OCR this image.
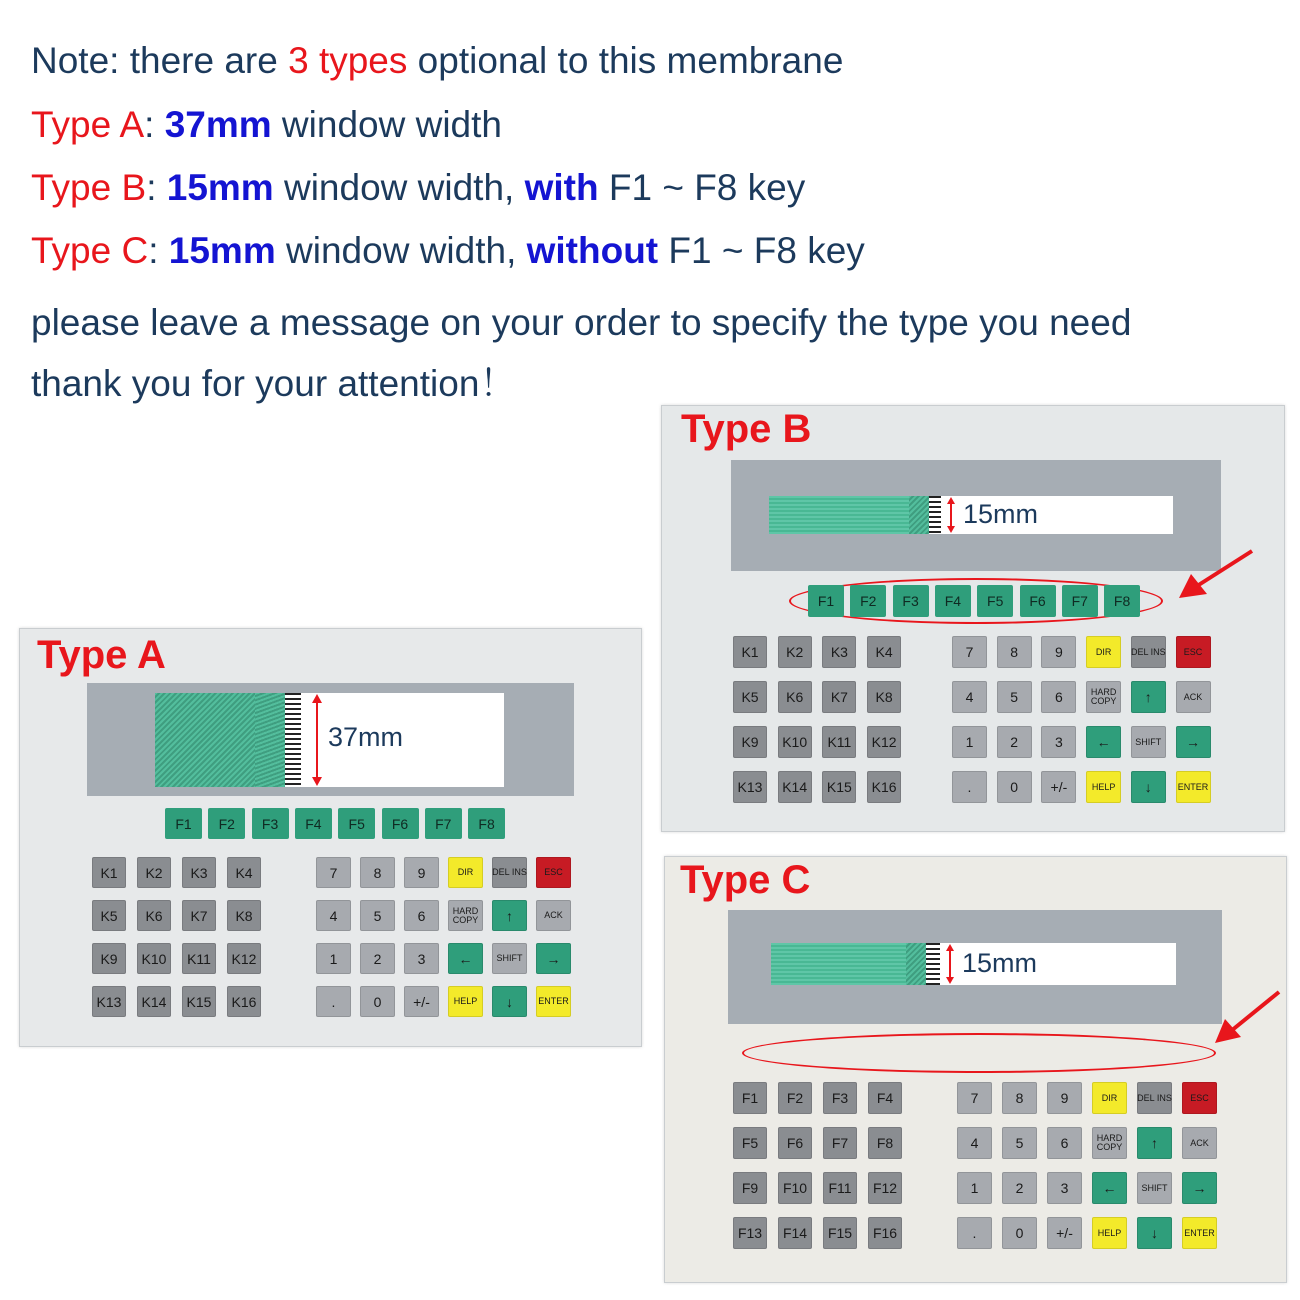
Note: there are 3 types optional to this membrane
Type A: 37mm window width
Type B: 15mm window width, with F1 ~ F8 key
Type C: 15mm window width, without F1 ~ F8 key
please leave a message on your order to specify the type you need
thank you for your attention！
Type A
37mm
F1	F2	F3	F4	F5	F6	F7	F8
K1	K2	K3	K4
K5	K6	K7	K8
K9	K10	K11	K12
K13	K14	K15	K16
7	8	9	DIR	DEL INS	ESC
4	5	6	HARD COPY	↑	ACK
1	2	3	←	SHIFT	→
.	0	+/-	HELP	↓	ENTER
Type B
15mm
F1	F2	F3	F4	F5	F6	F7	F8
K1	K2	K3	K4
K5	K6	K7	K8
K9	K10	K11	K12
K13	K14	K15	K16
7	8	9	DIR	DEL INS	ESC
4	5	6	HARD COPY	↑	ACK
1	2	3	←	SHIFT	→
.	0	+/-	HELP	↓	ENTER
Type C
15mm
F1	F2	F3	F4
F5	F6	F7	F8
F9	F10	F11	F12
F13	F14	F15	F16
7	8	9	DIR	DEL INS	ESC
4	5	6	HARD COPY	↑	ACK
1	2	3	←	SHIFT	→
.	0	+/-	HELP	↓	ENTER
